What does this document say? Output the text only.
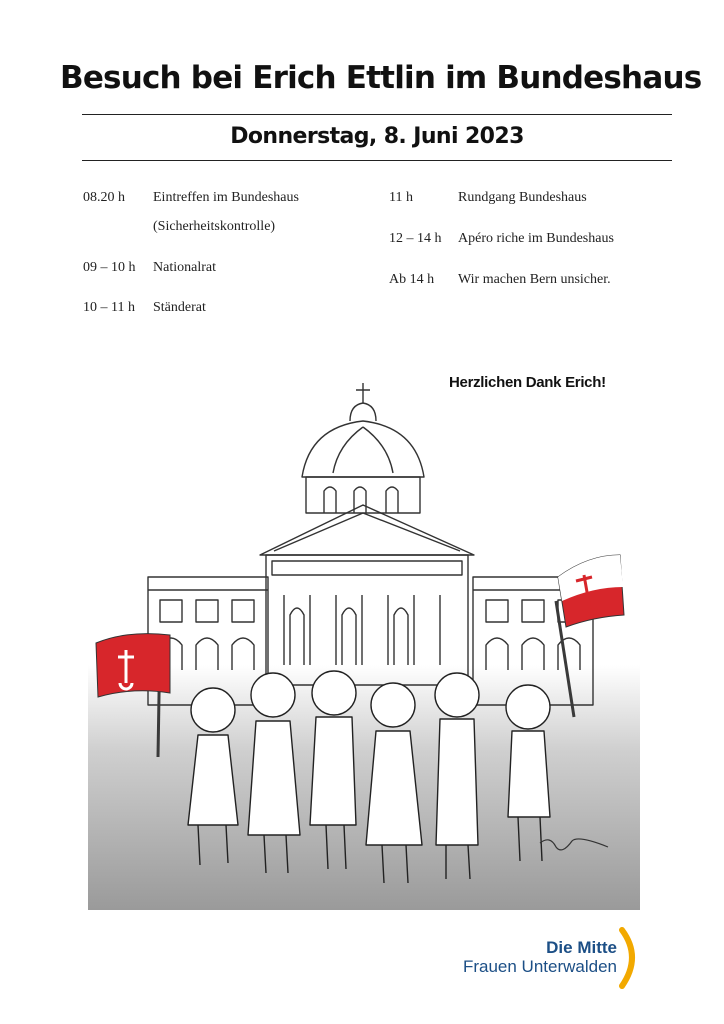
Besuch bei Erich Ettlin im Bundeshaus
Donnerstag, 8. Juni 2023
08.20 h Eintreffen im Bundeshaus
(Sicherheitskontrolle)
09 – 10 h Nationalrat
10 – 11 h Ständerat
11 h	Rundgang Bundeshaus
12 – 14 h Apéro riche im Bundeshaus
Ab 14 h Wir machen Bern unsicher.
Herzlichen Dank Erich!
Die Mitte
Frauen Unterwalden
